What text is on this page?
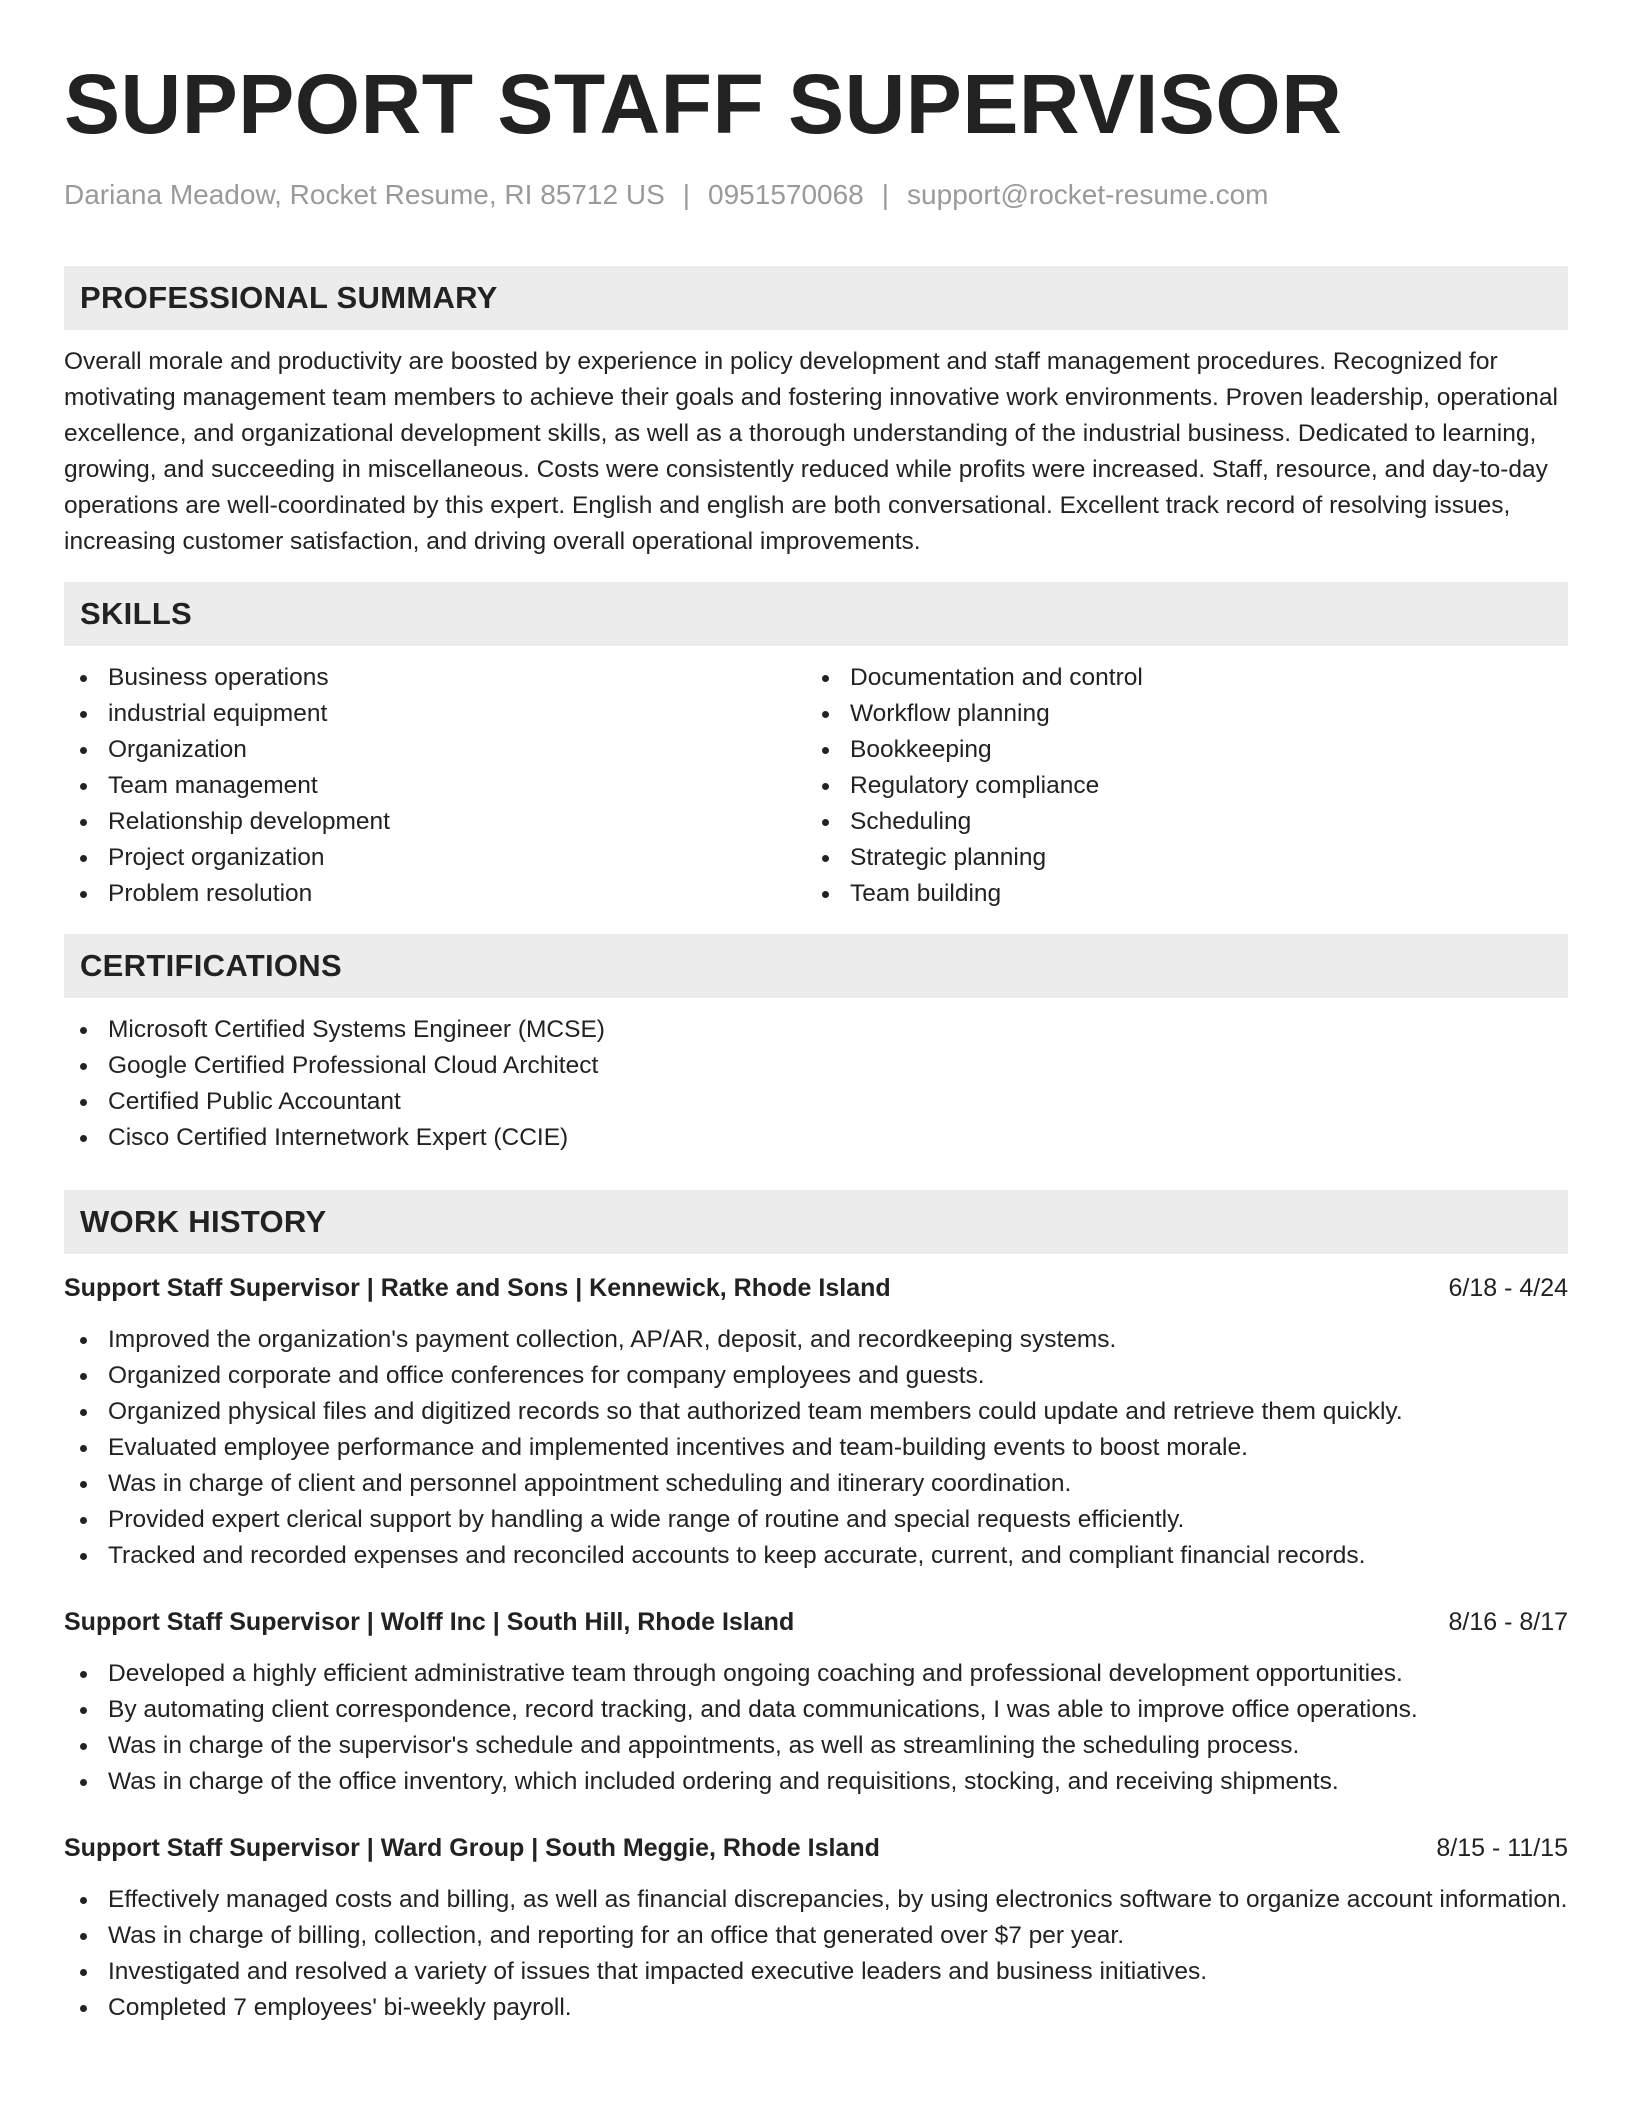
SUPPORT STAFF SUPERVISOR
Dariana Meadow, Rocket Resume, RI 85712 US | 0951570068 | support@rocket-resume.com
PROFESSIONAL SUMMARY

Overall morale and productivity are boosted by experience in policy development and staff management procedures. Recognized for motivating management team members to achieve their goals and fostering innovative work environments. Proven leadership, operational excellence, and organizational development skills, as well as a thorough understanding of the industrial business. Dedicated to learning, growing, and succeeding in miscellaneous. Costs were consistently reduced while profits were increased. Staff, resource, and day-to-day operations are well-coordinated by this expert. English and english are both conversational. Excellent track record of resolving issues, increasing customer satisfaction, and driving overall operational improvements.

SKILLS
Business operations
industrial equipment
Organization
Team management
Relationship development
Project organization
Problem resolution
Documentation and control
Workflow planning
Bookkeeping
Regulatory compliance
Scheduling
Strategic planning
Team building
CERTIFICATIONS
Microsoft Certified Systems Engineer (MCSE)
Google Certified Professional Cloud Architect
Certified Public Accountant
Cisco Certified Internetwork Expert (CCIE)
WORK HISTORY
Support Staff Supervisor | Ratke and Sons | Kennewick, Rhode Island	6/18 - 4/24
Improved the organization's payment collection, AP/AR, deposit, and recordkeeping systems.
Organized corporate and office conferences for company employees and guests.
Organized physical files and digitized records so that authorized team members could update and retrieve them quickly.
Evaluated employee performance and implemented incentives and team-building events to boost morale.
Was in charge of client and personnel appointment scheduling and itinerary coordination.
Provided expert clerical support by handling a wide range of routine and special requests efficiently.
Tracked and recorded expenses and reconciled accounts to keep accurate, current, and compliant financial records.
Support Staff Supervisor | Wolff Inc | South Hill, Rhode Island	8/16 - 8/17
Developed a highly efficient administrative team through ongoing coaching and professional development opportunities.
By automating client correspondence, record tracking, and data communications, I was able to improve office operations.
Was in charge of the supervisor's schedule and appointments, as well as streamlining the scheduling process.
Was in charge of the office inventory, which included ordering and requisitions, stocking, and receiving shipments.
Support Staff Supervisor | Ward Group | South Meggie, Rhode Island	8/15 - 11/15
Effectively managed costs and billing, as well as financial discrepancies, by using electronics software to organize account information.
Was in charge of billing, collection, and reporting for an office that generated over $7 per year.
Investigated and resolved a variety of issues that impacted executive leaders and business initiatives.
Completed 7 employees' bi-weekly payroll.
